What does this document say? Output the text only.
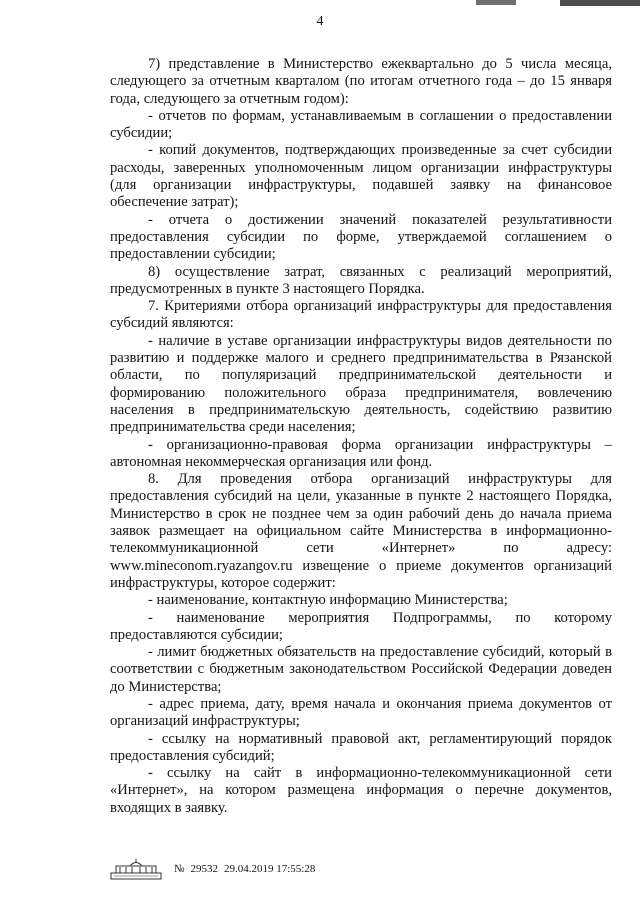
4

7) представление в Министерство ежеквартально до 5 числа месяца, следующего за отчетным кварталом (по итогам отчетного года – до 15 января года, следующего за отчетным годом):

- отчетов по формам, устанавливаемым в соглашении о предоставлении субсидии;

- копий документов, подтверждающих произведенные за счет субсидии расходы, заверенных уполномоченным лицом организации инфраструктуры (для организации инфраструктуры, подавшей заявку на финансовое обеспечение затрат);

- отчета о достижении значений показателей результативности предоставления субсидии по форме, утверждаемой соглашением о предоставлении субсидии;

8) осуществление затрат, связанных с реализаций мероприятий, предусмотренных в пункте 3 настоящего Порядка.

7. Критериями отбора организаций инфраструктуры для предоставления субсидий являются:

- наличие в уставе организации инфраструктуры видов деятельности по развитию и поддержке малого и среднего предпринимательства в Рязанской области, по популяризаций предпринимательской деятельности и формированию положительного образа предпринимателя, вовлечению населения в предпринимательскую деятельность, содействию развитию предпринимательства среди населения;

- организационно-правовая форма организации инфраструктуры – автономная некоммерческая организация или фонд.

8. Для проведения отбора организаций инфраструктуры для предоставления субсидий на цели, указанные в пункте 2 настоящего Порядка, Министерство в срок не позднее чем за один рабочий день до начала приема заявок размещает на официальном сайте Министерства в информационно-телекоммуникационной сети «Интернет» по адресу: www.mineconom.ryazangov.ru извещение о приеме документов организаций инфраструктуры, которое содержит:

- наименование, контактную информацию Министерства;

- наименование мероприятия Подпрограммы, по которому предоставляются субсидии;

- лимит бюджетных обязательств на предоставление субсидий, который в соответствии с бюджетным законодательством Российской Федерации доведен до Министерства;

- адрес приема, дату, время начала и окончания приема документов от организаций инфраструктуры;

- ссылку на нормативный правовой акт, регламентирующий порядок предоставления субсидий;

- ссылку на сайт в информационно-телекоммуникационной сети «Интернет», на котором размещена информация о перечне документов, входящих в заявку.

№ 29532 29.04.2019 17:55:28
